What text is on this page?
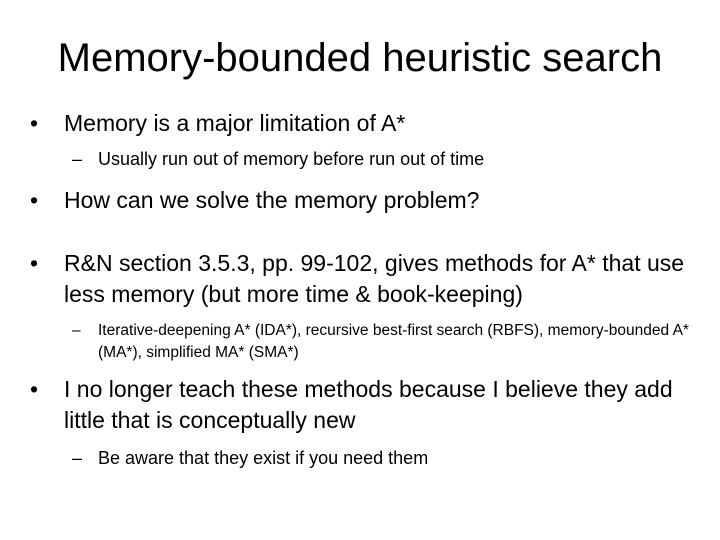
Memory-bounded heuristic search
•	Memory is a major limitation of A*
– Usually run out of memory before run out of time
•	How can we solve the memory problem?
•	R&N section 3.5.3, pp. 99-102, gives methods for A* that use less memory (but more time & book-keeping)
–	Iterative-deepening A* (IDA*), recursive best-first search (RBFS), memory-bounded A* (MA*), simplified MA* (SMA*)
•	I no longer teach these methods because I believe they add little that is conceptually new
– Be aware that they exist if you need them
